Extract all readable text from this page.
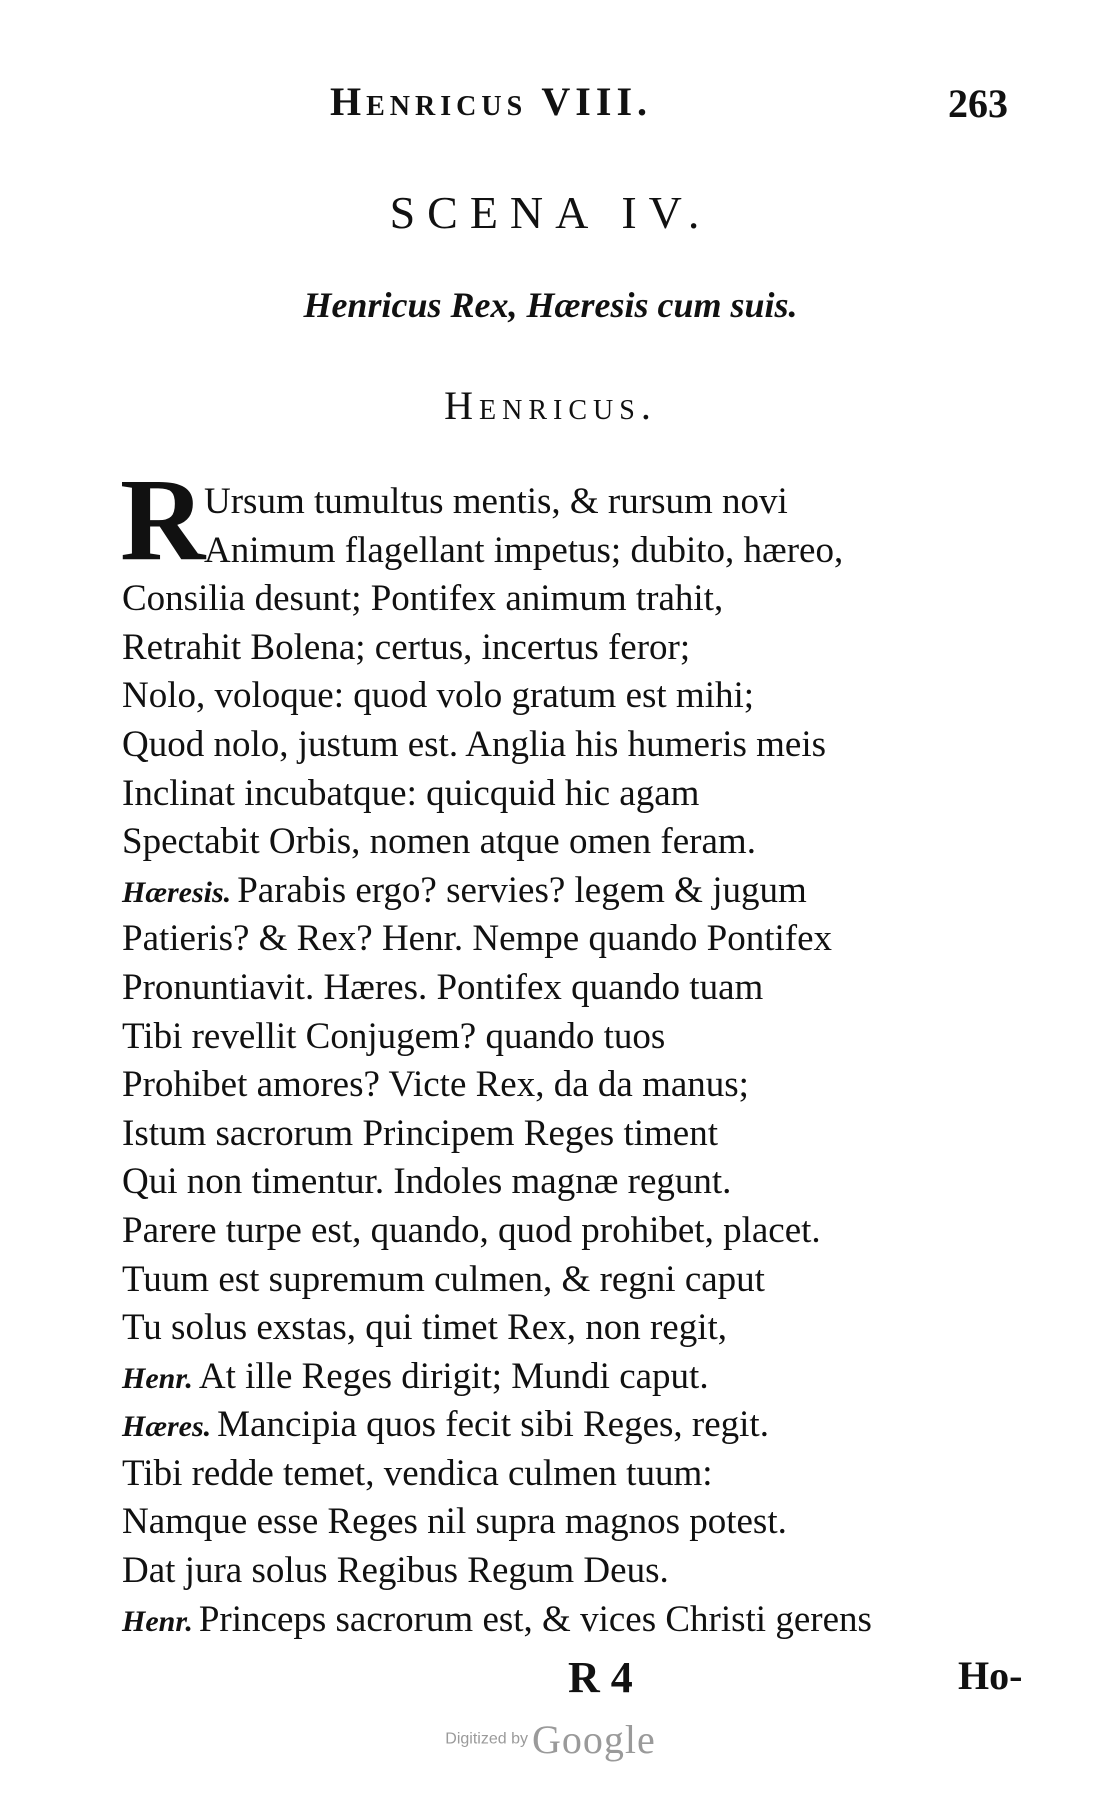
Henricus VIII.	263
SCENA IV.
Henricus Rex, Hæresis cum suis.
Henricus.
R
Ursum tumultus mentis, & rursum novi
Animum flagellant impetus; dubito, hæreo,
Consilia desunt; Pontifex animum trahit,
Retrahit Bolena; certus, incertus feror;
Nolo, voloque: quod volo gratum est mihi;
Quod nolo, justum est. Anglia his humeris meis
Inclinat incubatque: quicquid hic agam
Spectabit Orbis, nomen atque omen feram.
Hæresis. Parabis ergo? servies? legem & jugum
Patieris? & Rex? Henr. Nempe quando Pontifex
Pronuntiavit. Hæres. Pontifex quando tuam
Tibi revellit Conjugem? quando tuos
Prohibet amores? Victe Rex, da da manus;
Istum sacrorum Principem Reges timent
Qui non timentur. Indoles magnæ regunt.
Parere turpe est, quando, quod prohibet, placet.
Tuum est supremum culmen, & regni caput
Tu solus exstas, qui timet Rex, non regit,
Henr. At ille Reges dirigit; Mundi caput.
Hæres. Mancipia quos fecit sibi Reges, regit.
Tibi redde temet, vendica culmen tuum:
Namque esse Reges nil supra magnos potest.
Dat jura solus Regibus Regum Deus.
Henr. Princeps sacrorum est, & vices Christi gerens
R 4	Ho-
Digitized by Google
